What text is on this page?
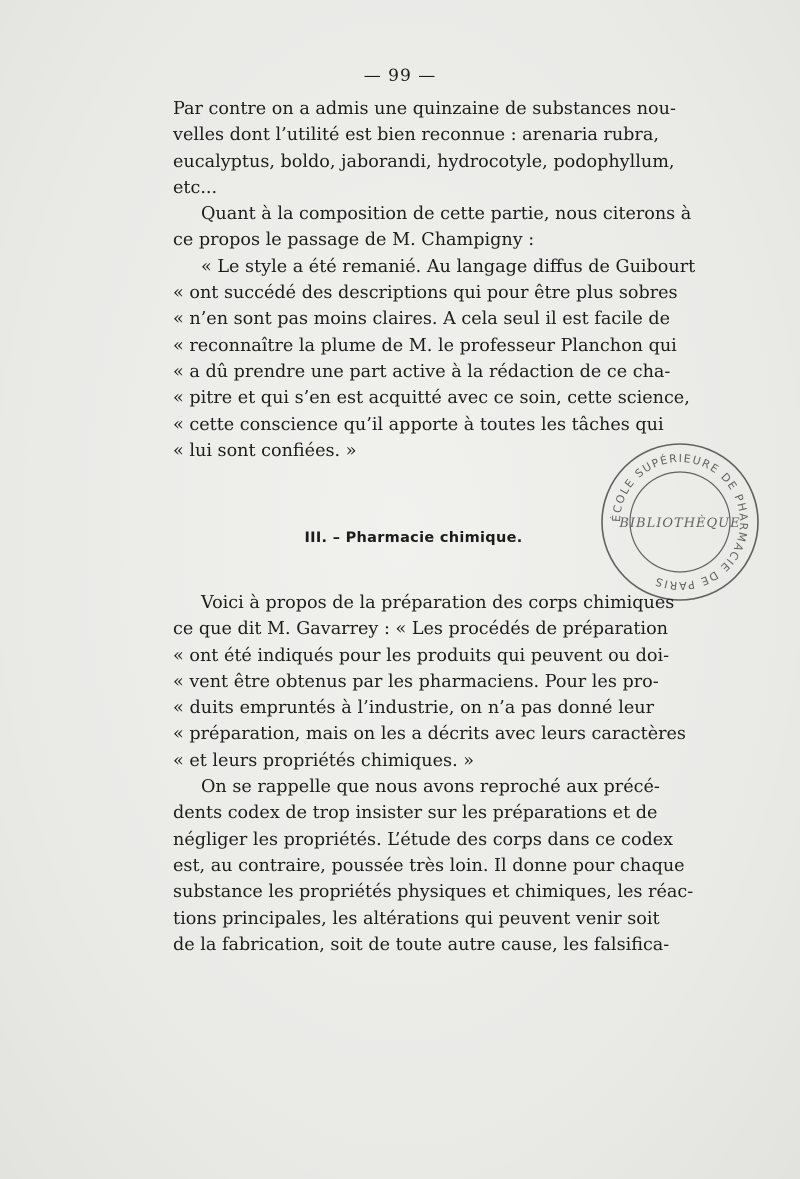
— 99 —
Par contre on a admis une quinzaine de substances nou-
velles dont l’utilité est bien reconnue : arenaria rubra,
eucalyptus, boldo, jaborandi, hydrocotyle, podophyllum,
etc...
Quant à la composition de cette partie, nous citerons à
ce propos le passage de M. Champigny :
« Le style a été remanié. Au langage diffus de Guibourt
« ont succédé des descriptions qui pour être plus sobres
« n’en sont pas moins claires. A cela seul il est facile de
« reconnaître la plume de M. le professeur Planchon qui
« a dû prendre une part active à la rédaction de ce cha-
« pitre et qui s’en est acquitté avec ce soin, cette science,
« cette conscience qu’il apporte à toutes les tâches qui
« lui sont confiées. »
III. – Pharmacie chimique.
ÉCOLE SUPÉRIEURE DE PHARMACIE DE PARIS
BIBLIOTHÈQUE
Voici à propos de la préparation des corps chimiques
ce que dit M. Gavarrey : « Les procédés de préparation
« ont été indiqués pour les produits qui peuvent ou doi-
« vent être obtenus par les pharmaciens. Pour les pro-
« duits empruntés à l’industrie, on n’a pas donné leur
« préparation, mais on les a décrits avec leurs caractères
« et leurs propriétés chimiques. »
On se rappelle que nous avons reproché aux précé-
dents codex de trop insister sur les préparations et de
négliger les propriétés. L’étude des corps dans ce codex
est, au contraire, poussée très loin. Il donne pour chaque
substance les propriétés physiques et chimiques, les réac-
tions principales, les altérations qui peuvent venir soit
de la fabrication, soit de toute autre cause, les falsifica-
